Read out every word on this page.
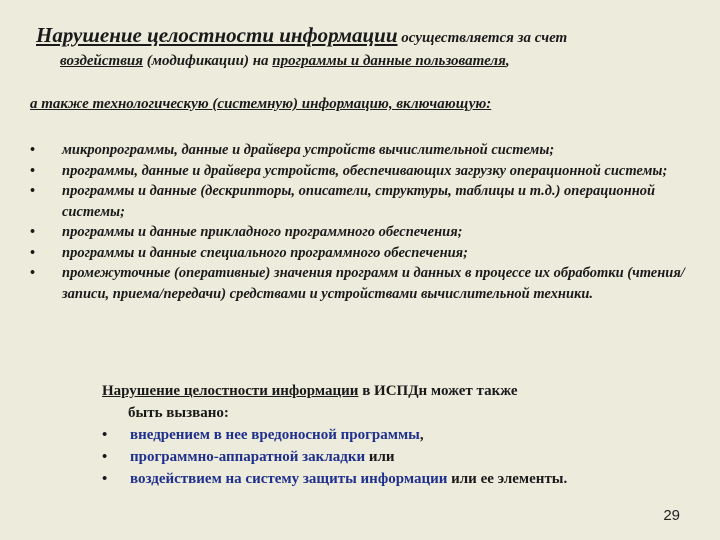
Нарушение целостности информации осуществляется за счет
воздействия (модификации) на программы и данные пользователя,
а также технологическую (системную) информацию, включающую:
• микропрограммы, данные и драйвера устройств вычислительной системы;
• программы, данные и драйвера устройств, обеспечивающих загрузку операционной системы;
• программы и данные (дескрипторы, описатели, структуры, таблицы и т.д.) операционной системы;
• программы и данные прикладного программного обеспечения;
• программы и данные специального программного обеспечения;
• промежуточные (оперативные) значения программ и данных в процессе их обработки (чтения/записи, приема/передачи) средствами и устройствами вычислительной техники.
Нарушение целостности информации в ИСПДн может также
быть вызвано:
• внедрением в нее вредоносной программы,
• программно-аппаратной закладки или
• воздействием на систему защиты информации или ее элементы.
29
